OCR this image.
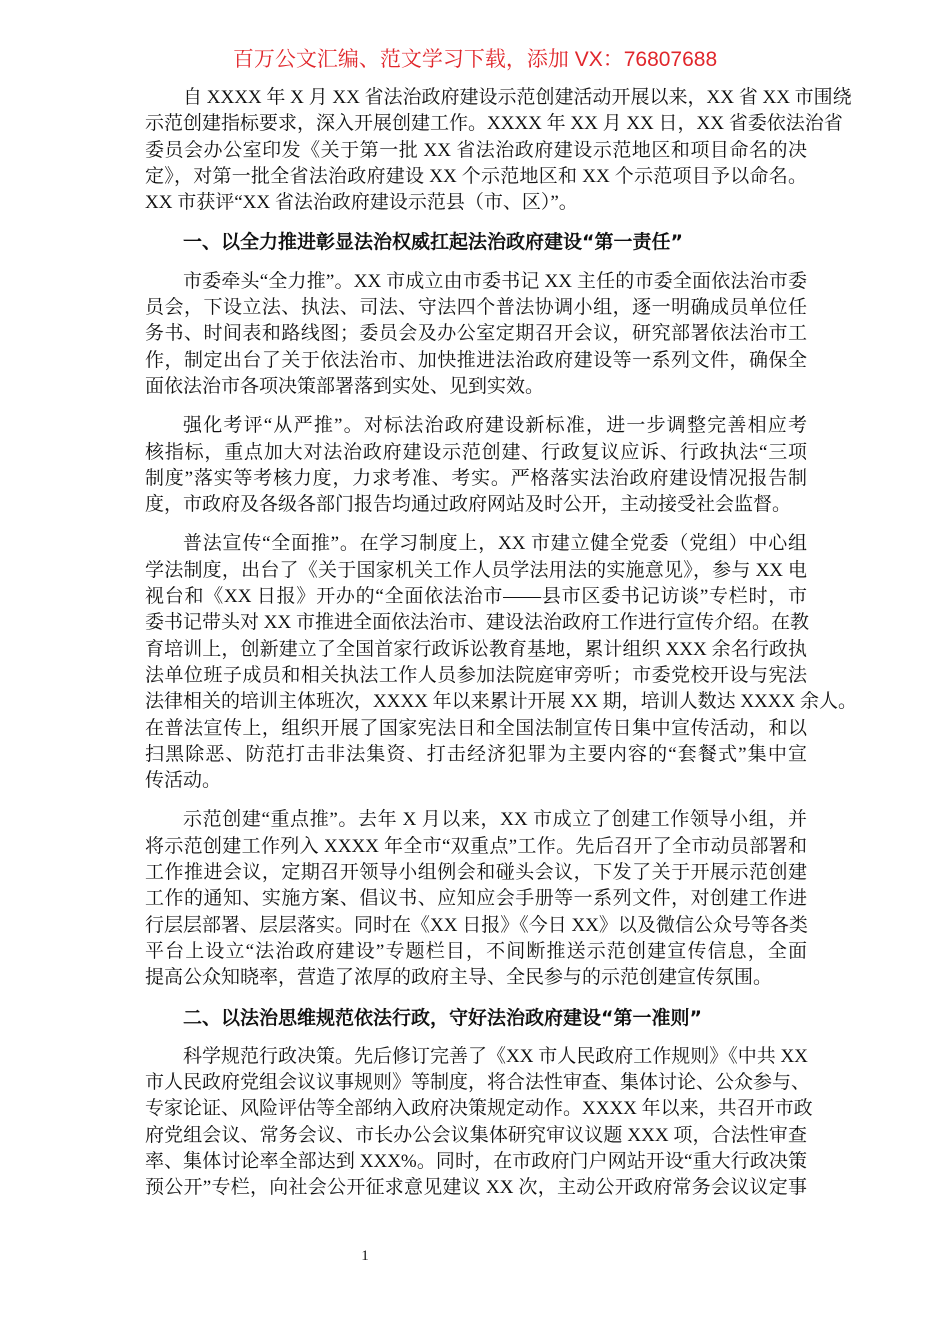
百万公文汇编、范文学习下载，添加 VX：76807688
自 XXXX 年 X 月 XX 省法治政府建设示范创建活动开展以来，XX 省 XX 市围绕
示范创建指标要求，深入开展创建工作。XXXX 年 XX 月 XX 日，XX 省委依法治省
委员会办公室印发《关于第一批 XX 省法治政府建设示范地区和项目命名的决
定》，对第一批全省法治政府建设 XX 个示范地区和 XX 个示范项目予以命名。
XX 市获评“XX 省法治政府建设示范县（市、区）”。
一、以全力推进彰显法治权威扛起法治政府建设“第一责任”
市委牵头“全力推”。XX 市成立由市委书记 XX 主任的市委全面依法治市委
员会，下设立法、执法、司法、守法四个普法协调小组，逐一明确成员单位任
务书、时间表和路线图；委员会及办公室定期召开会议，研究部署依法治市工
作，制定出台了关于依法治市、加快推进法治政府建设等一系列文件，确保全
面依法治市各项决策部署落到实处、见到实效。
强化考评“从严推”。对标法治政府建设新标准，进一步调整完善相应考
核指标，重点加大对法治政府建设示范创建、行政复议应诉、行政执法“三项
制度”落实等考核力度，力求考准、考实。严格落实法治政府建设情况报告制
度，市政府及各级各部门报告均通过政府网站及时公开，主动接受社会监督。
普法宣传“全面推”。在学习制度上，XX 市建立健全党委（党组）中心组
学法制度，出台了《关于国家机关工作人员学法用法的实施意见》，参与 XX 电
视台和《XX 日报》开办的“全面依法治市——县市区委书记访谈”专栏时，市
委书记带头对 XX 市推进全面依法治市、建设法治政府工作进行宣传介绍。在教
育培训上，创新建立了全国首家行政诉讼教育基地，累计组织 XXX 余名行政执
法单位班子成员和相关执法工作人员参加法院庭审旁听；市委党校开设与宪法
法律相关的培训主体班次，XXXX 年以来累计开展 XX 期，培训人数达 XXXX 余人。
在普法宣传上，组织开展了国家宪法日和全国法制宣传日集中宣传活动，和以
扫黑除恶、防范打击非法集资、打击经济犯罪为主要内容的“套餐式”集中宣
传活动。
示范创建“重点推”。去年 X 月以来，XX 市成立了创建工作领导小组，并
将示范创建工作列入 XXXX 年全市“双重点”工作。先后召开了全市动员部署和
工作推进会议，定期召开领导小组例会和碰头会议，下发了关于开展示范创建
工作的通知、实施方案、倡议书、应知应会手册等一系列文件，对创建工作进
行层层部署、层层落实。同时在《XX 日报》《今日 XX》以及微信公众号等各类
平台上设立“法治政府建设”专题栏目，不间断推送示范创建宣传信息，全面
提高公众知晓率，营造了浓厚的政府主导、全民参与的示范创建宣传氛围。
二、以法治思维规范依法行政，守好法治政府建设“第一准则”
科学规范行政决策。先后修订完善了《XX 市人民政府工作规则》《中共 XX
市人民政府党组会议议事规则》等制度，将合法性审查、集体讨论、公众参与、
专家论证、风险评估等全部纳入政府决策规定动作。XXXX 年以来，共召开市政
府党组会议、常务会议、市长办公会议集体研究审议议题 XXX 项，合法性审查
率、集体讨论率全部达到 XXX%。同时，在市政府门户网站开设“重大行政决策
预公开”专栏，向社会公开征求意见建议 XX 次，主动公开政府常务会议议定事
1
